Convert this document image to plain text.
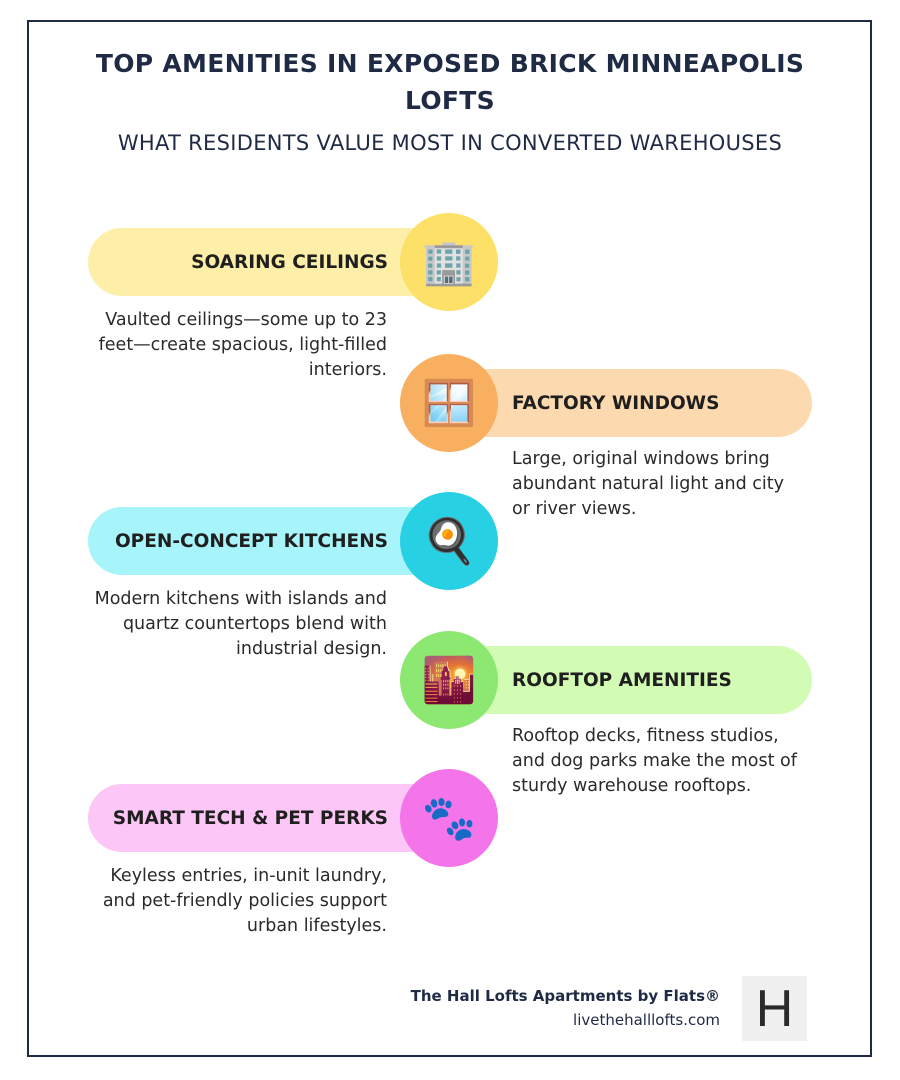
TOP AMENITIES IN EXPOSED BRICK MINNEAPOLIS LOFTS
WHAT RESIDENTS VALUE MOST IN CONVERTED WAREHOUSES
SOARING CEILINGS 🏢
Vaulted ceilings—some up to 23 feet—create spacious, light-filled interiors.
FACTORY WINDOWS
🪟
Large, original windows bring abundant natural light and city or river views.
OPEN-CONCEPT KITCHENS 🍳
Modern kitchens with islands and quartz countertops blend with industrial design.
ROOFTOP AMENITIES
🌇
Rooftop decks, fitness studios, and dog parks make the most of sturdy warehouse rooftops.
SMART TECH & PET PERKS 🐾
Keyless entries, in-unit laundry, and pet-friendly policies support urban lifestyles.
The Hall Lofts Apartments by Flats®
livethehalllofts.com H
